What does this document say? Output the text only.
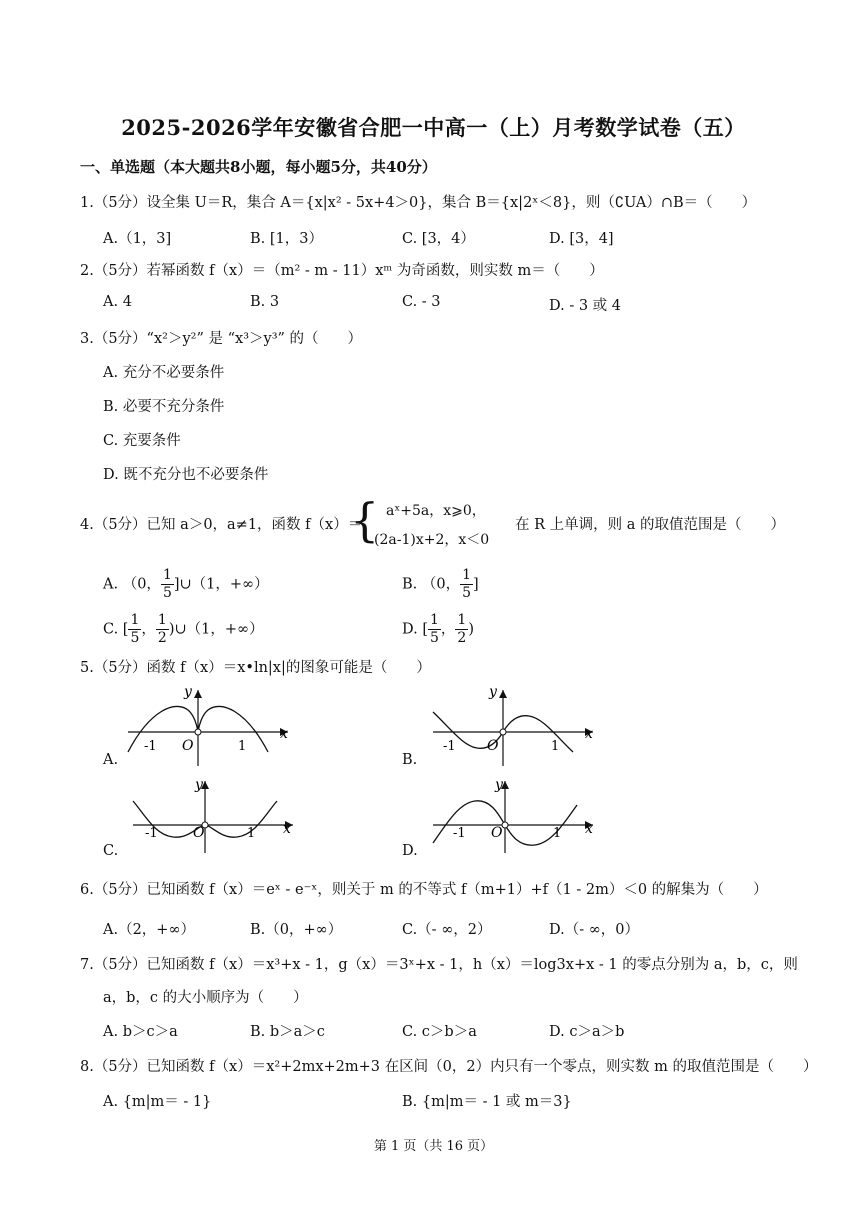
2025-2026学年安徽省合肥一中高一（上）月考数学试卷（五）
一、单选题（本大题共8小题，每小题5分，共40分）
1.（5分）设全集 U＝R，集合 A＝{x|x² - 5x+4＞0}，集合 B＝{x|2ˣ＜8}，则（∁UA）∩B＝（　　）
A.（1，3]	B. [1，3）	C. [3，4）	D. [3，4]
2.（5分）若幂函数 f（x）＝（m² - m - 11）xᵐ 为奇函数，则实数 m＝（　　）
A. 4	B. 3	C. - 3	D. - 3 或 4
3.（5分）“x²＞y²” 是 “x³＞y³” 的（　　）
A. 充分不必要条件
B. 必要不充分条件
C. 充要条件
D. 既不充分也不必要条件
4.（5分）已知 a＞0，a≠1，函数 f（x）＝
{ aˣ+5a，x⩾0，
(2a-1)x+2，x＜0
在 R 上单调，则 a 的取值范围是（　　）
A. （0， $\frac{1}{5}$ ]∪（1，+∞）	B. （0， $\frac{1}{5}$ ]
C. [ $\frac{1}{5}$ ， $\frac{1}{2}$ )∪（1，+∞）	D. [ $\frac{1}{5}$ ， $\frac{1}{2}$ )
5.（5分）函数 f（x）＝x•ln|x|的图象可能是（　　）
A.
O
-1	1
x
y
B.
O
-1	1
x
y
C.
O
-1	1 x
y
D.
O
-1	1 x
y
6.（5分）已知函数 f（x）＝eˣ - e⁻ˣ，则关于 m 的不等式 f（m+1）+f（1 - 2m）＜0 的解集为（　　）
A.（2，+∞）	B.（0，+∞）	C.（- ∞，2）	D.（- ∞，0）
7.（5分）已知函数 f（x）＝x³+x - 1，g（x）＝3ˣ+x - 1，h（x）＝log3x+x - 1 的零点分别为 a，b，c，则
a，b，c 的大小顺序为（　　）
A. b＞c＞a	B. b＞a＞c	C. c＞b＞a	D. c＞a＞b
8.（5分）已知函数 f（x）＝x²+2mx+2m+3 在区间（0，2）内只有一个零点，则实数 m 的取值范围是（　　）
A. {m|m＝ - 1}	B. {m|m＝ - 1 或 m＝3}
第 1 页（共 16 页）
